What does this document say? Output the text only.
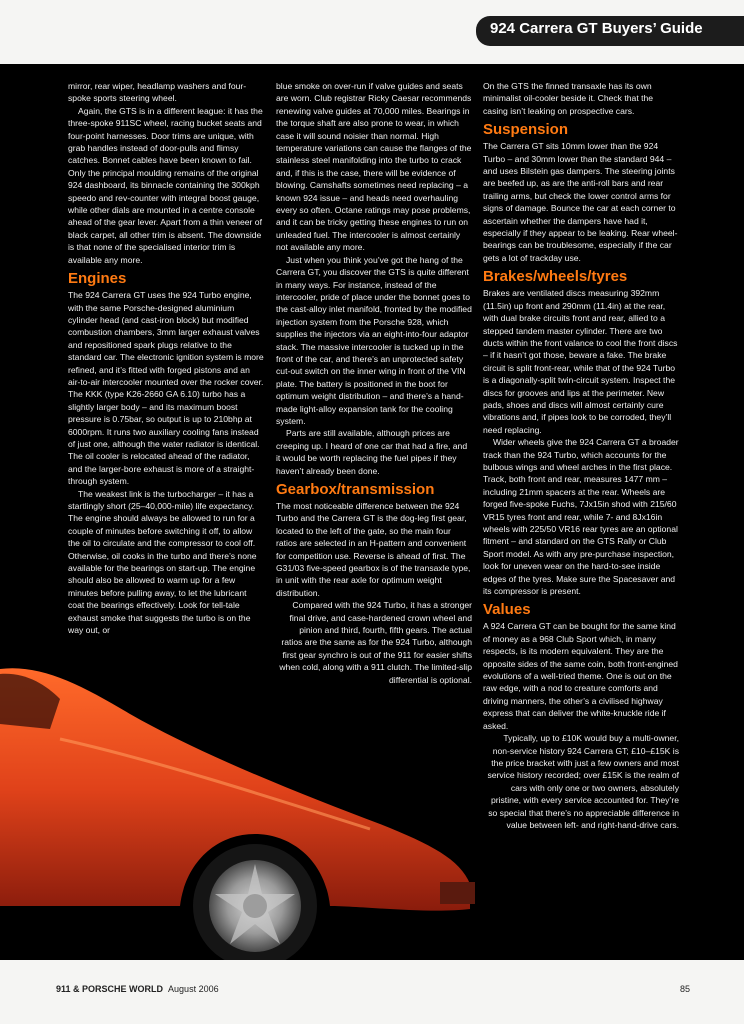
924 Carrera GT Buyers’ Guide

mirror, rear wiper, headlamp washers and four-spoke sports steering wheel.

Again, the GTS is in a different league: it has the three-spoke 911SC wheel, racing bucket seats and four-point harnesses. Door trims are unique, with grab handles instead of door-pulls and flimsy catches. Bonnet cables have been known to fail. Only the principal moulding remains of the original 924 dashboard, its binnacle containing the 300kph speedo and rev-counter with integral boost gauge, while other dials are mounted in a centre console ahead of the gear lever. Apart from a thin veneer of black carpet, all other trim is absent. The downside is that none of the specialised interior trim is available any more.

Engines

The 924 Carrera GT uses the 924 Turbo engine, with the same Porsche-designed aluminium cylinder head (and cast-iron block) but modified combustion chambers, 3mm larger exhaust valves and repositioned spark plugs relative to the standard car. The electronic ignition system is more refined, and it’s fitted with forged pistons and an air-to-air intercooler mounted over the rocker cover. The KKK (type K26-2660 GA 6.10) turbo has a slightly larger body – and its maximum boost pressure is 0.75bar, so output is up to 210bhp at 6000rpm. It runs two auxiliary cooling fans instead of just one, although the water radiator is identical. The oil cooler is relocated ahead of the radiator, and the larger-bore exhaust is more of a straight-through system.

The weakest link is the turbocharger – it has a startlingly short (25–40,000-mile) life expectancy. The engine should always be allowed to run for a couple of minutes before switching it off, to allow the oil to circulate and the compressor to cool off. Otherwise, oil cooks in the turbo and there’s none available for the bearings on start-up. The engine should also be allowed to warm up for a few minutes before pulling away, to let the lubricant coat the bearings effectively. Look for tell-tale exhaust smoke that suggests the turbo is on the way out, or

blue smoke on over-run if valve guides and seats are worn. Club registrar Ricky Caesar recommends renewing valve guides at 70,000 miles. Bearings in the torque shaft are also prone to wear, in which case it will sound noisier than normal. High temperature variations can cause the flanges of the stainless steel manifolding into the turbo to crack and, if this is the case, there will be evidence of blowing. Camshafts sometimes need replacing – a known 924 issue – and heads need overhauling every so often. Octane ratings may pose problems, and it can be tricky getting these engines to run on unleaded fuel. The intercooler is almost certainly not available any more.

Just when you think you’ve got the hang of the Carrera GT, you discover the GTS is quite different in many ways. For instance, instead of the intercooler, pride of place under the bonnet goes to the cast-alloy inlet manifold, fronted by the modified injection system from the Porsche 928, which supplies the injectors via an eight-into-four adaptor stack. The massive intercooler is tucked up in the front of the car, and there’s an unprotected safety cut-out switch on the inner wing in front of the VIN plate. The battery is positioned in the boot for optimum weight distribution – and there’s a hand-made light-alloy expansion tank for the cooling system.

Parts are still available, although prices are creeping up. I heard of one car that had a fire, and it would be worth replacing the fuel pipes if they haven’t already been done.

Gearbox/transmission

The most noticeable difference between the 924 Turbo and the Carrera GT is the dog-leg first gear, located to the left of the gate, so the main four ratios are selected in an H-pattern and convenient for competition use. Reverse is ahead of first. The G31/03 five-speed gearbox is of the transaxle type, in unit with the rear axle for optimum weight distribution.

Compared with the 924 Turbo, it has a stronger final drive, and case-hardened crown wheel and pinion and third, fourth, fifth gears. The actual ratios are the same as for the 924 Turbo, although first gear synchro is out of the 911 for easier shifts when cold, along with a 911 clutch. The limited-slip differential is optional.

On the GTS the finned transaxle has its own minimalist oil-cooler beside it. Check that the casing isn’t leaking on prospective cars.

Suspension

The Carrera GT sits 10mm lower than the 924 Turbo – and 30mm lower than the standard 944 – and uses Bilstein gas dampers. The steering joints are beefed up, as are the anti-roll bars and rear trailing arms, but check the lower control arms for signs of damage. Bounce the car at each corner to ascertain whether the dampers have had it, especially if they appear to be leaking. Rear wheel-bearings can be troublesome, especially if the car gets a lot of trackday use.

Brakes/wheels/tyres

Brakes are ventilated discs measuring 392mm (11.5in) up front and 290mm (11.4in) at the rear, with dual brake circuits front and rear, allied to a stepped tandem master cylinder. There are two ducts within the front valance to cool the front discs – if it hasn’t got those, beware a fake. The brake circuit is split front-rear, while that of the 924 Turbo is a diagonally-split twin-circuit system. Inspect the discs for grooves and lips at the perimeter. New pads, shoes and discs will almost certainly cure vibrations and, if pipes look to be corroded, they’ll need replacing.

Wider wheels give the 924 Carrera GT a broader track than the 924 Turbo, which accounts for the bulbous wings and wheel arches in the first place. Track, both front and rear, measures 1477 mm – including 21mm spacers at the rear. Wheels are forged five-spoke Fuchs, 7Jx15in shod with 215/60 VR15 tyres front and rear, while 7- and 8Jx16in wheels with 225/50 VR16 rear tyres are an optional fitment – and standard on the GTS Rally or Club Sport model. As with any pre-purchase inspection, look for uneven wear on the hard-to-see inside edges of the tyres. Make sure the Spacesaver and its compressor is present.

Values

A 924 Carrera GT can be bought for the same kind of money as a 968 Club Sport which, in many respects, is its modern equivalent. They are the opposite sides of the same coin, both front-engined evolutions of a well-tried theme. One is out on the raw edge, with a nod to creature comforts and driving manners, the other’s a civilised highway express that can deliver the white-knuckle ride if asked.

Typically, up to £10K would buy a multi-owner, non-service history 924 Carrera GT; £10–£15K is the price bracket with just a few owners and most service history recorded; over £15K is the realm of cars with only one or two owners, absolutely pristine, with every service accounted for. They’re so special that there’s no appreciable difference in value between left- and right-hand-drive cars.

911 & PORSCHE WORLD August 2006	85
